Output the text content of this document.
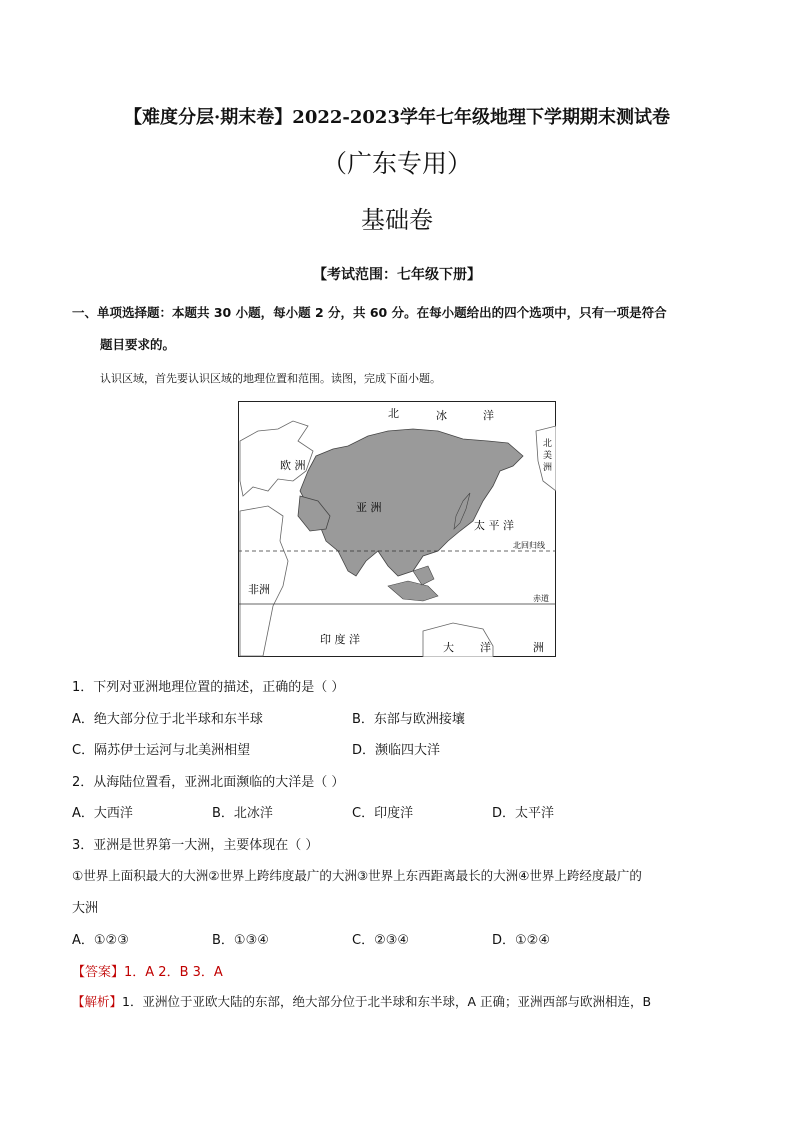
【难度分层·期末卷】2022-2023学年七年级地理下学期期末测试卷
（广东专用）
基础卷
【考试范围：七年级下册】
一、单项选择题：本题共 30 小题，每小题 2 分，共 60 分。在每小题给出的四个选项中，只有一项是符合
题目要求的。
认识区域，首先要认识区域的地理位置和范围。读图，完成下面小题。
北	冰	洋
欧 洲
亚 洲
太 平 洋
北回归线
非洲
赤道
印 度 洋
大 洋	洲
北
美
洲
1．下列对亚洲地理位置的描述，正确的是（ ）
A．绝大部分位于北半球和东半球	B．东部与欧洲接壤
C．隔苏伊士运河与北美洲相望	D．濒临四大洋
2．从海陆位置看，亚洲北面濒临的大洋是（ ）
A．大西洋	B．北冰洋	C．印度洋	D．太平洋
3．亚洲是世界第一大洲，主要体现在（ ）
①世界上面积最大的大洲②世界上跨纬度最广的大洲③世界上东西距离最长的大洲④世界上跨经度最广的
大洲
A．①②③	B．①③④	C．②③④	D．①②④
【答案】1．A 2．B 3．A
【解析】1．亚洲位于亚欧大陆的东部，绝大部分位于北半球和东半球，A 正确；亚洲西部与欧洲相连，B
